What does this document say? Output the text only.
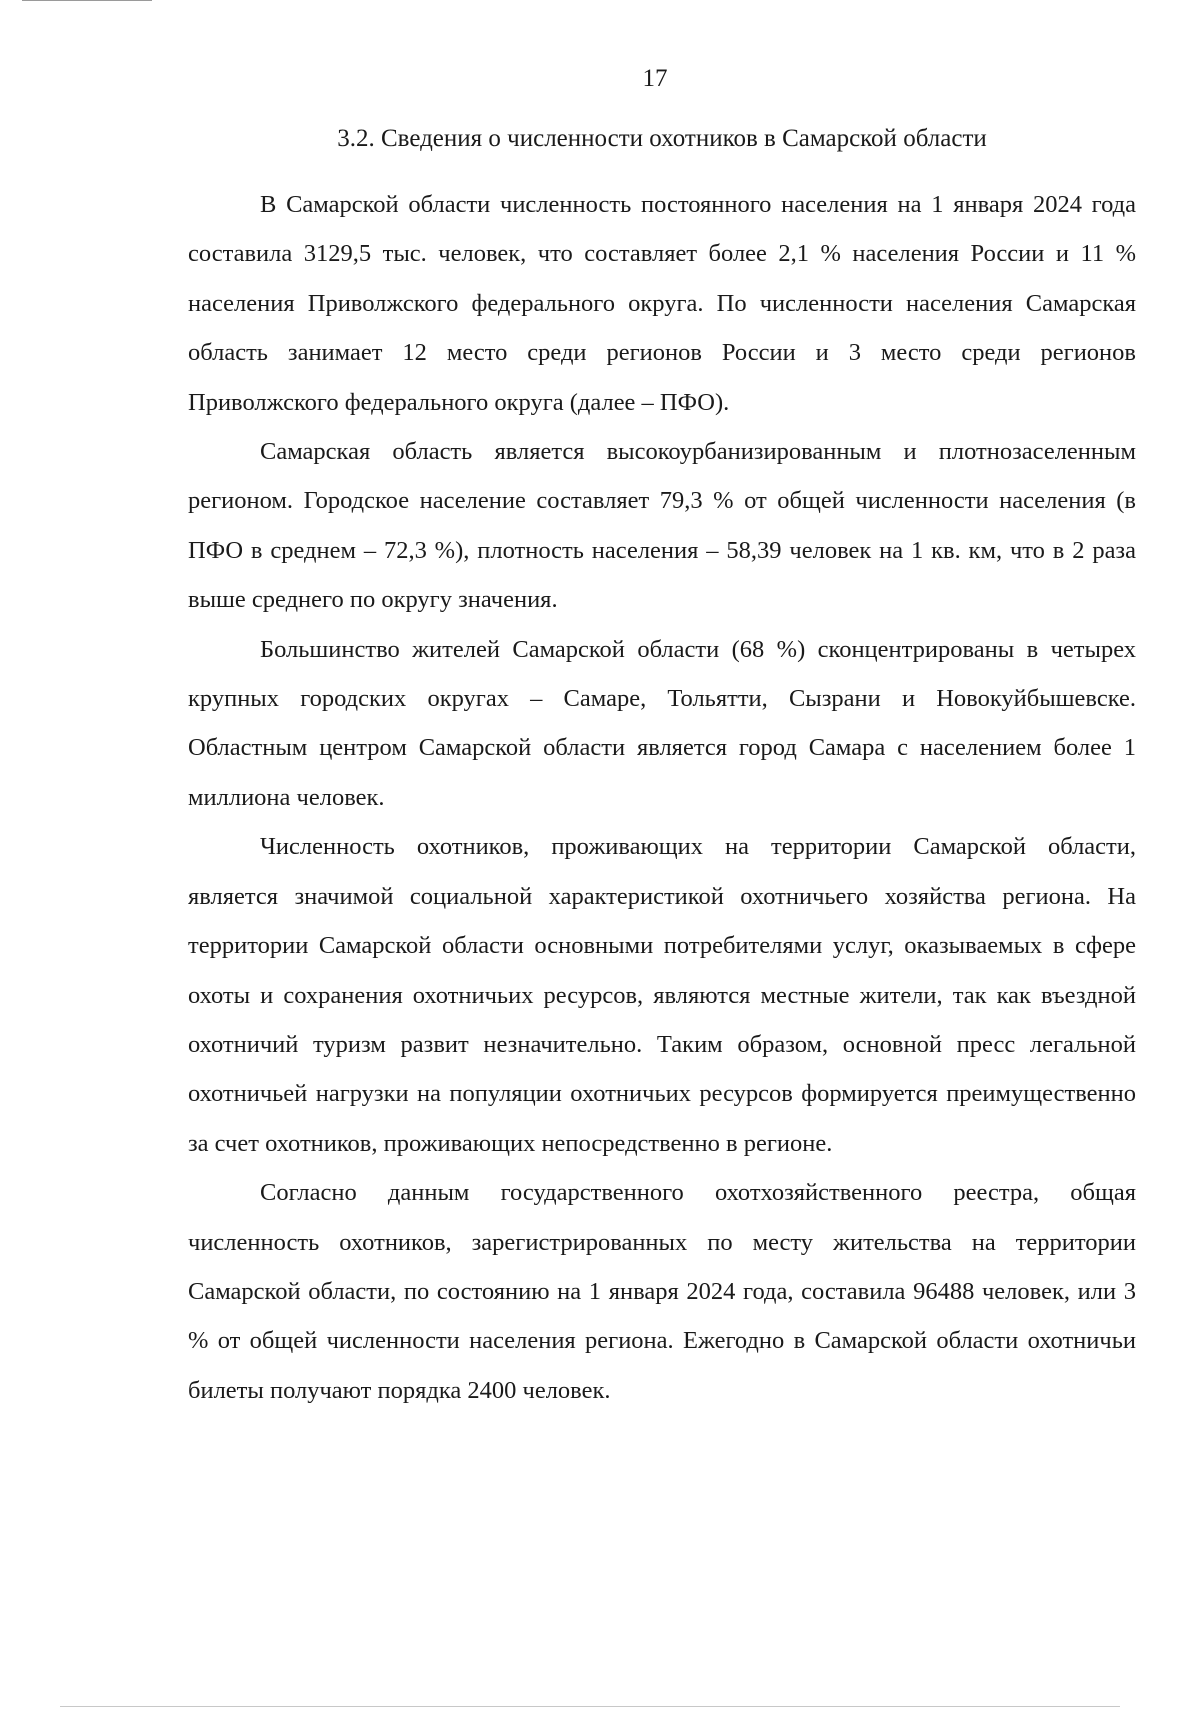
17
3.2. Сведения о численности охотников в Самарской области

В Самарской области численность постоянного населения на 1 января 2024 года составила 3129,5 тыс. человек, что составляет более 2,1 % населения России и 11 % населения Приволжского федерального округа. По численности населения Самарская область занимает 12 место среди регионов России и 3 место среди регионов Приволжского федерального округа (далее – ПФО).

Самарская область является высокоурбанизированным и плотнозаселенным регионом. Городское население составляет 79,3 % от общей численности населения (в ПФО в среднем – 72,3 %), плотность населения – 58,39 человек на 1 кв. км, что в 2 раза выше среднего по округу значения.

Большинство жителей Самарской области (68 %) сконцентрированы в четырех крупных городских округах – Самаре, Тольятти, Сызрани и Новокуйбышевске. Областным центром Самарской области является город Самара с населением более 1 миллиона человек.

Численность охотников, проживающих на территории Самарской области, является значимой социальной характеристикой охотничьего хозяйства региона. На территории Самарской области основными потребителями услуг, оказываемых в сфере охоты и сохранения охотничьих ресурсов, являются местные жители, так как въездной охотничий туризм развит незначительно. Таким образом, основной пресс легальной охотничьей нагрузки на популяции охотничьих ресурсов формируется преимущественно за счет охотников, проживающих непосредственно в регионе.

Согласно данным государственного охотхозяйственного реестра, общая численность охотников, зарегистрированных по месту жительства на территории Самарской области, по состоянию на 1 января 2024 года, составила 96488 человек, или 3 % от общей численности населения региона. Ежегодно в Самарской области охотничьи билеты получают порядка 2400 человек.
